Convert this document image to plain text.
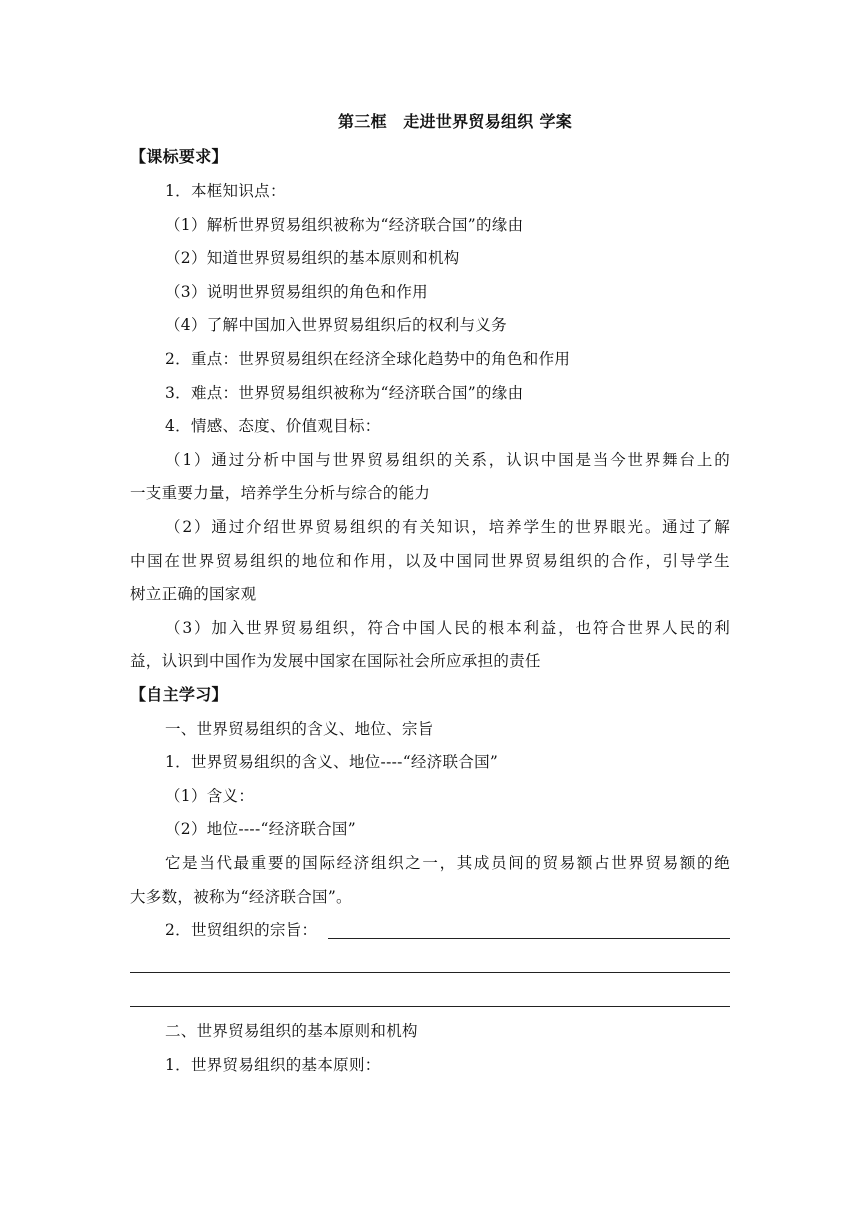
第三框　走进世界贸易组织 学案
【课标要求】
1．本框知识点：
（1）解析世界贸易组织被称为“经济联合国”的缘由
（2）知道世界贸易组织的基本原则和机构
（3）说明世界贸易组织的角色和作用
（4）了解中国加入世界贸易组织后的权利与义务
2．重点：世界贸易组织在经济全球化趋势中的角色和作用
3．难点：世界贸易组织被称为“经济联合国”的缘由
4．情感、态度、价值观目标：
（1）通过分析中国与世界贸易组织的关系，认识中国是当今世界舞台上的
一支重要力量，培养学生分析与综合的能力
（2）通过介绍世界贸易组织的有关知识，培养学生的世界眼光。通过了解
中国在世界贸易组织的地位和作用，以及中国同世界贸易组织的合作，引导学生
树立正确的国家观
（3）加入世界贸易组织，符合中国人民的根本利益，也符合世界人民的利
益，认识到中国作为发展中国家在国际社会所应承担的责任
【自主学习】
一、世界贸易组织的含义、地位、宗旨
1．世界贸易组织的含义、地位----“经济联合国”
（1）含义：
（2）地位----“经济联合国”
它是当代最重要的国际经济组织之一，其成员间的贸易额占世界贸易额的绝
大多数，被称为“经济联合国”。
2．世贸组织的宗旨：
二、世界贸易组织的基本原则和机构
1．世界贸易组织的基本原则：
